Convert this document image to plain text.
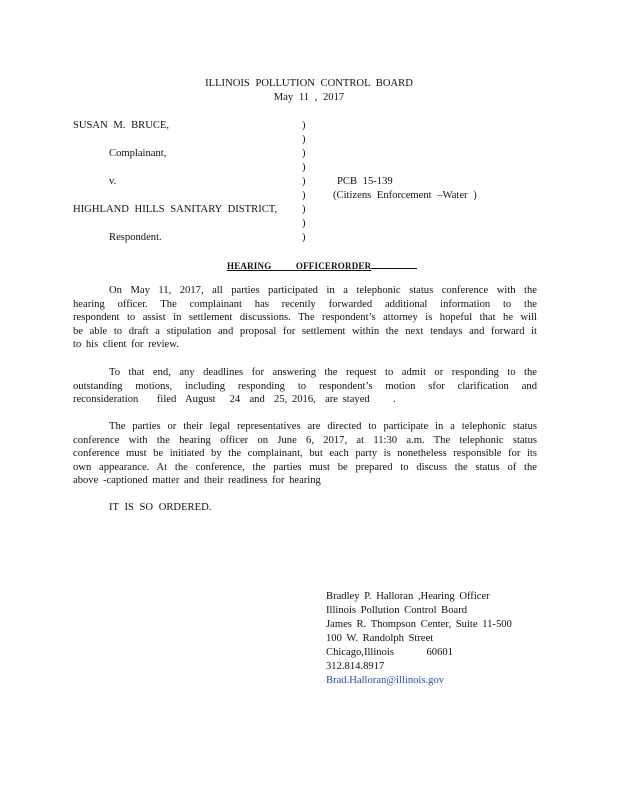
ILLINOIS POLLUTION CONTROL BOARD
May 11 , 2017
SUSAN M. BRUCE,
Complainant,
v.
HIGHLAND HILLS SANITARY DISTRICT,
Respondent.
)
)
)
)
)
)
)
)
)
PCB 15-139
(Citizens Enforcement –Water )
HEARING          OFFICERORDER
On May 11, 2017, all parties participated in a telephonic status conference with the
hearing officer. The complainant has recently forwarded additional information to the
respondent to assist in settlement discussions. The respondent’s attorney is hopeful that he will
be able to draft a stipulation and proposal for settlement within the next tendays and forward it
to his client for review.
To that end, any deadlines for answering the request to admit or responding to the
outstanding motions, including responding to respondent’s motion sfor clarification and
reconsideration    filed  August   24  and  25, 2016,  are stayed     .
The parties or their legal representatives are directed to participate in a telephonic status
conference with the hearing officer on June 6, 2017, at 11:30 a.m. The telephonic status
conference must be initiated by the complainant, but each party is nonetheless responsible for its
own appearance. At the conference, the parties must be prepared to discuss the status of the
above -captioned matter and their readiness for hearing
IT IS SO ORDERED.
Bradley P. Halloran ,Hearing Officer
Illinois Pollution Control Board
James R. Thompson Center, Suite 11-500
100 W. Randolph Street
Chicago,Illinois       60601
312.814.8917
Brad.Halloran@illinois.gov
